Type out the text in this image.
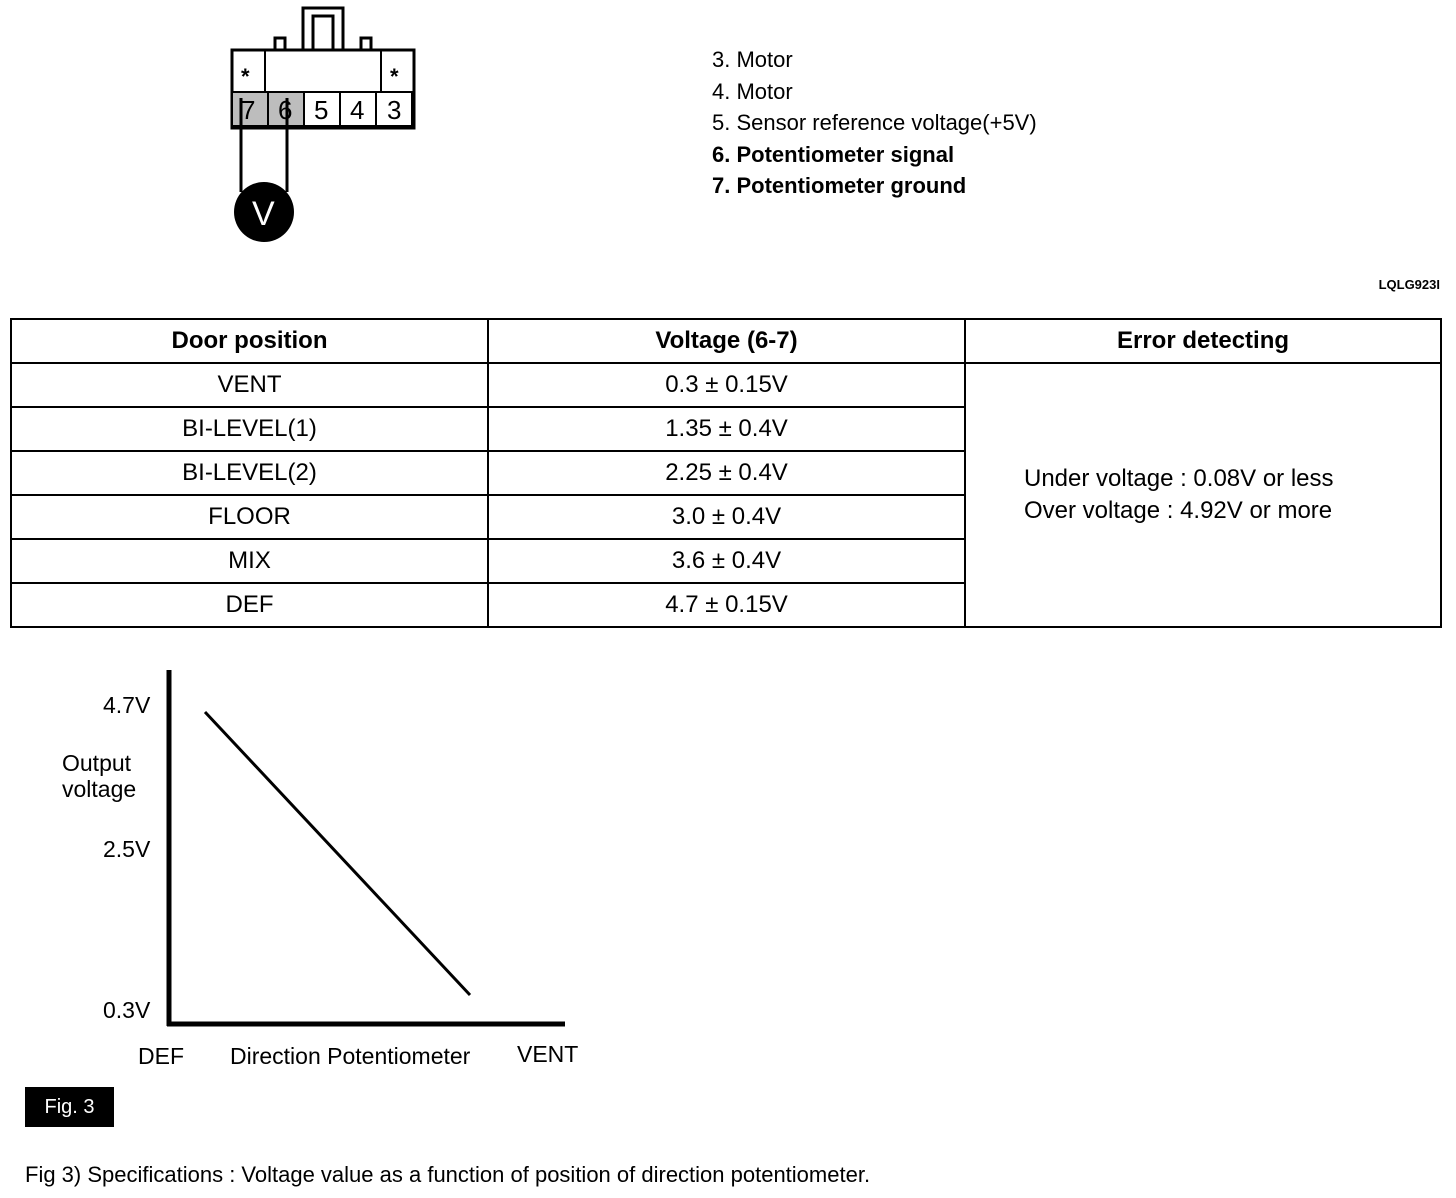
*	*
7 6 5 4 3
V
3. Motor
4. Motor
5. Sensor reference voltage(+5V)
6. Potentiometer signal
7. Potentiometer ground
LQLG923I
Door position	Voltage (6-7)	Error detecting
VENT	0.3 ± 0.15V	Under voltage : 0.08V or less
Over voltage : 4.92V or more

BI-LEVEL(1)	1.35 ± 0.4V	
BI-LEVEL(2)	2.25 ± 0.4V	
FLOOR	3.0 ± 0.4V	
MIX	3.6 ± 0.4V	
DEF	4.7 ± 0.15V	
4.7V
Output
voltage
2.5V
0.3V
DEF Direction Potentiometer VENT
Fig. 3
Fig 3) Specifications : Voltage value as a function of position of direction potentiometer.
